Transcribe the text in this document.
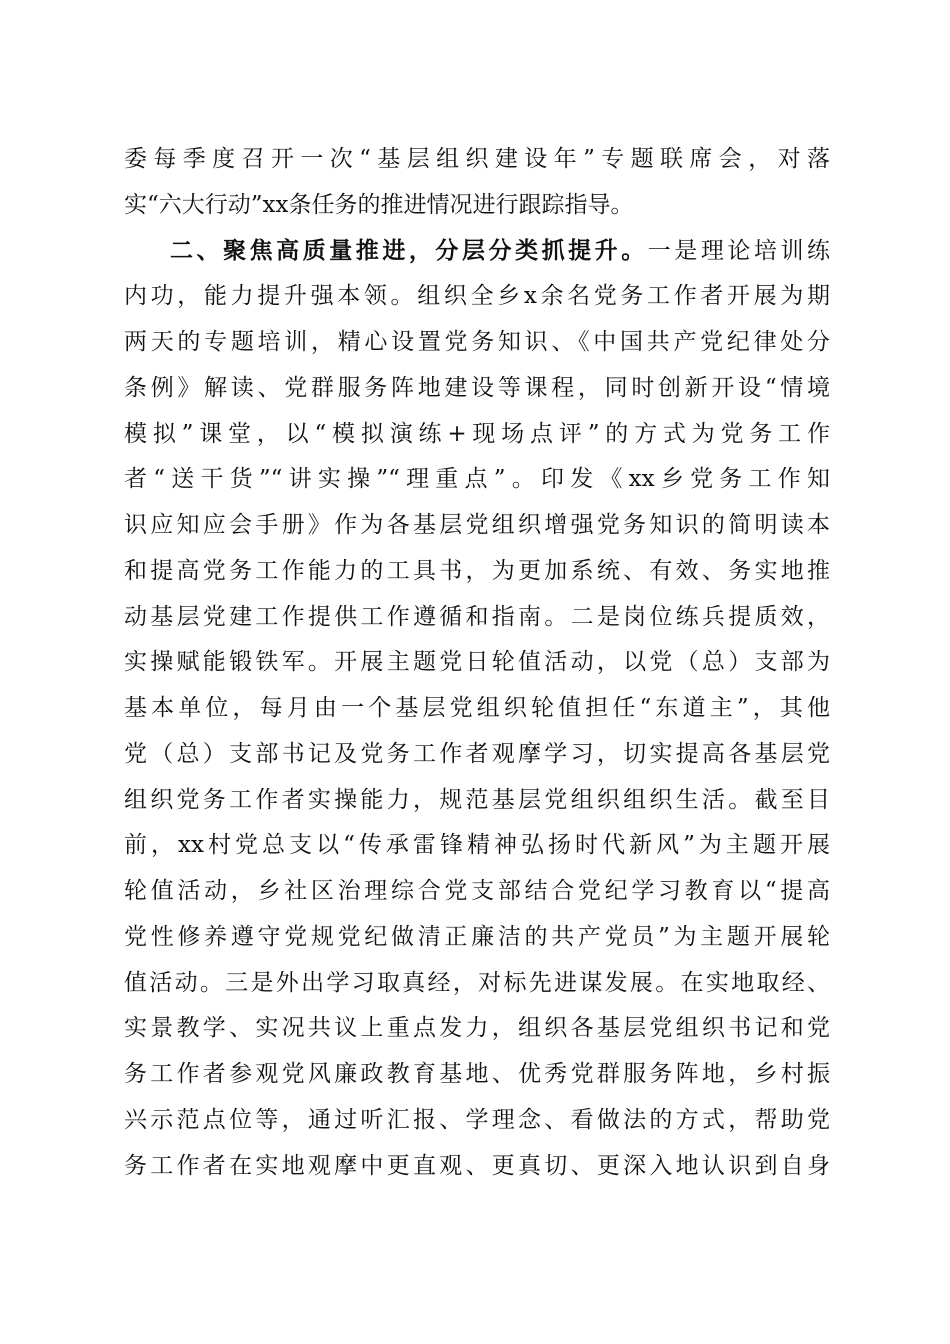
委每季度召开一次“基层组织建设年”专题联席会，对落
实“六大行动”xx条任务的推进情况进行跟踪指导。
二、聚焦高质量推进，分层分类抓提升。一是理论培训练
内功，能力提升强本领。组织全乡x余名党务工作者开展为期
两天的专题培训，精心设置党务知识、《中国共产党纪律处分
条例》解读、党群服务阵地建设等课程，同时创新开设“情境
模拟”课堂，以“模拟演练+现场点评”的方式为党务工作
者“送干货”“讲实操”“理重点”。印发《xx乡党务工作知
识应知应会手册》作为各基层党组织增强党务知识的简明读本
和提高党务工作能力的工具书，为更加系统、有效、务实地推
动基层党建工作提供工作遵循和指南。二是岗位练兵提质效，
实操赋能锻铁军。开展主题党日轮值活动，以党（总）支部为
基本单位，每月由一个基层党组织轮值担任“东道主”，其他
党（总）支部书记及党务工作者观摩学习，切实提高各基层党
组织党务工作者实操能力，规范基层党组织组织生活。截至目
前，xx村党总支以“传承雷锋精神弘扬时代新风”为主题开展
轮值活动，乡社区治理综合党支部结合党纪学习教育以“提高
党性修养遵守党规党纪做清正廉洁的共产党员”为主题开展轮
值活动。三是外出学习取真经，对标先进谋发展。在实地取经、
实景教学、实况共议上重点发力，组织各基层党组织书记和党
务工作者参观党风廉政教育基地、优秀党群服务阵地，乡村振
兴示范点位等，通过听汇报、学理念、看做法的方式，帮助党
务工作者在实地观摩中更直观、更真切、更深入地认识到自身
